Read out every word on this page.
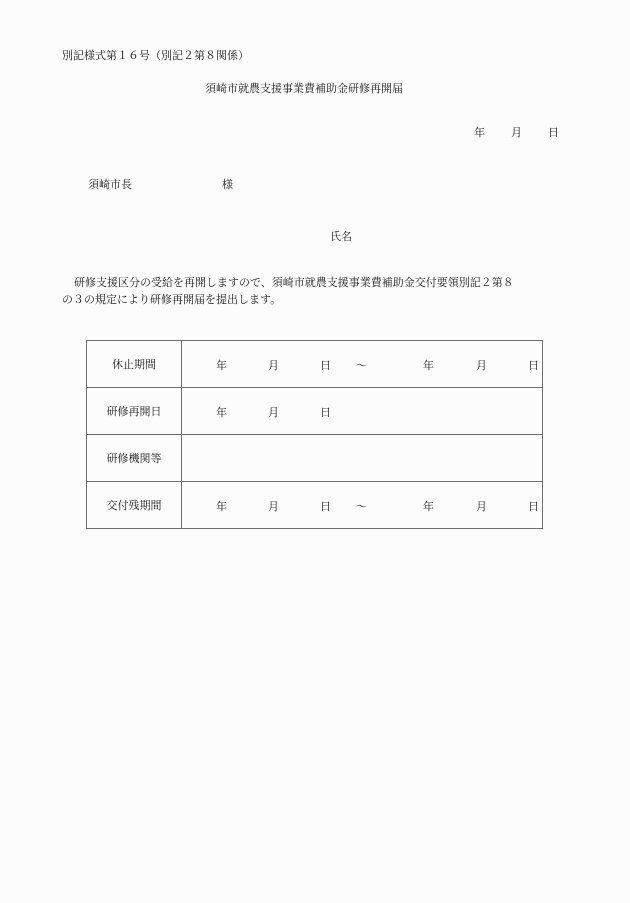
別記様式第１６号（別記２第８関係）
須崎市就農支援事業費補助金研修再開届
年 月 日
須崎市長	様
氏名
研修支援区分の受給を再開しますので、須崎市就農支援事業費補助金交付要領別記２第８
の３の規定により研修再開届を提出します。
休止期間	年	月	日 〜	年	月	日

研修再開日	年 月 日

研修機関等	
交付残期間	年	月	日 〜	年	月	日
